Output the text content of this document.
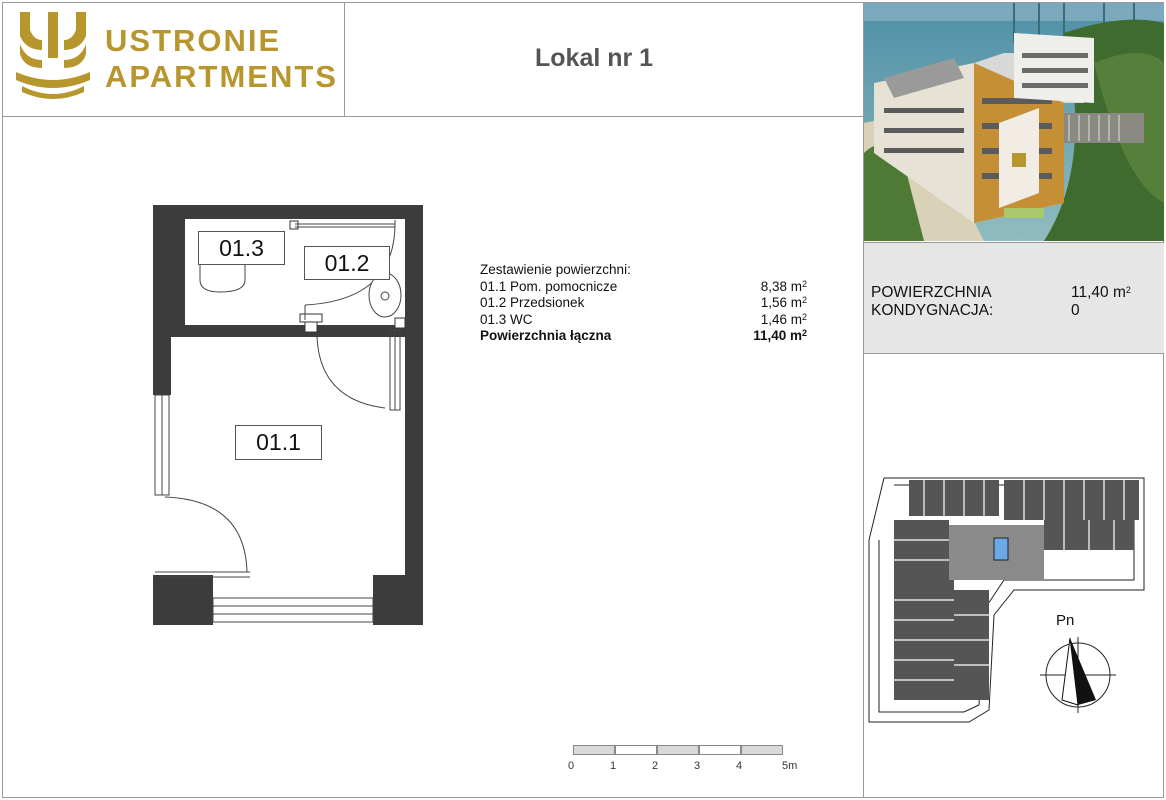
USTRONIE
APARTMENTS
Lokal nr 1
POWIERZCHNIA	11,40 $m^2$
KONDYGNACJA:	0
Pn
01.3
01.2
01.1
Zestawienie powierzchni:
01.1 Pom. pomocnicze	8,38 $m^2$
01.2 Przedsionek	1,56 $m^2$
01.3 WC	1,46 $m^2$
Powierzchnia łączna	11,40 $m^2$
0	1	2	3	4	5m
